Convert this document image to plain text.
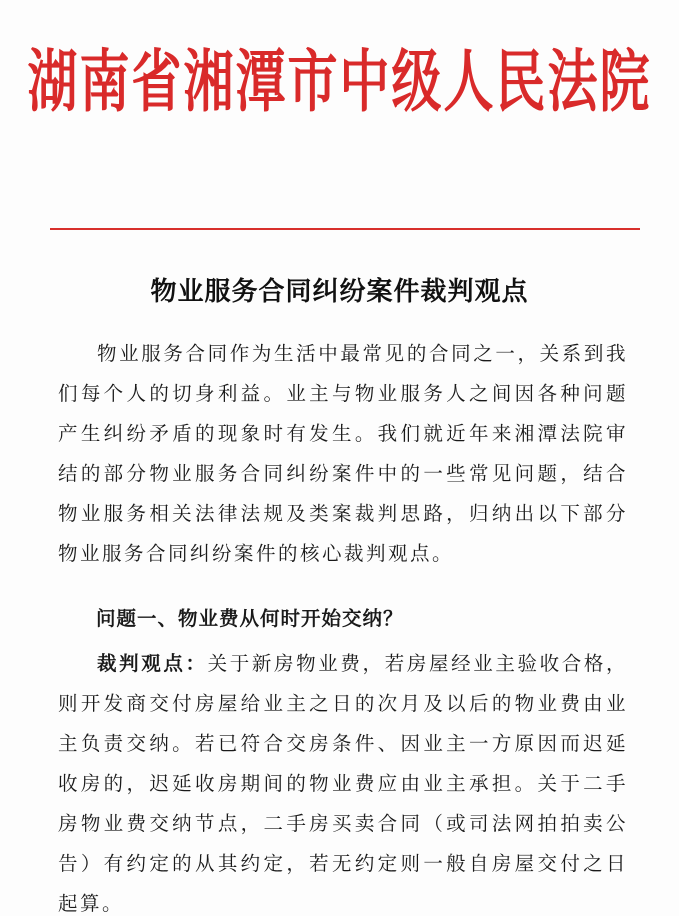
湖南省湘潭市中级人民法院
物业服务合同纠纷案件裁判观点

物业服务合同作为生活中最常见的合同之一，关系到我们每个人的切身利益。业主与物业服务人之间因各种问题产生纠纷矛盾的现象时有发生。我们就近年来湘潭法院审结的部分物业服务合同纠纷案件中的一些常见问题，结合物业服务相关法律法规及类案裁判思路，归纳出以下部分物业服务合同纠纷案件的核心裁判观点。

问题一、物业费从何时开始交纳？

裁判观点：关于新房物业费，若房屋经业主验收合格，则开发商交付房屋给业主之日的次月及以后的物业费由业主负责交纳。若已符合交房条件、因业主一方原因而迟延收房的，迟延收房期间的物业费应由业主承担。关于二手房物业费交纳节点，二手房买卖合同（或司法网拍拍卖公告）有约定的从其约定，若无约定则一般自房屋交付之日起算。
